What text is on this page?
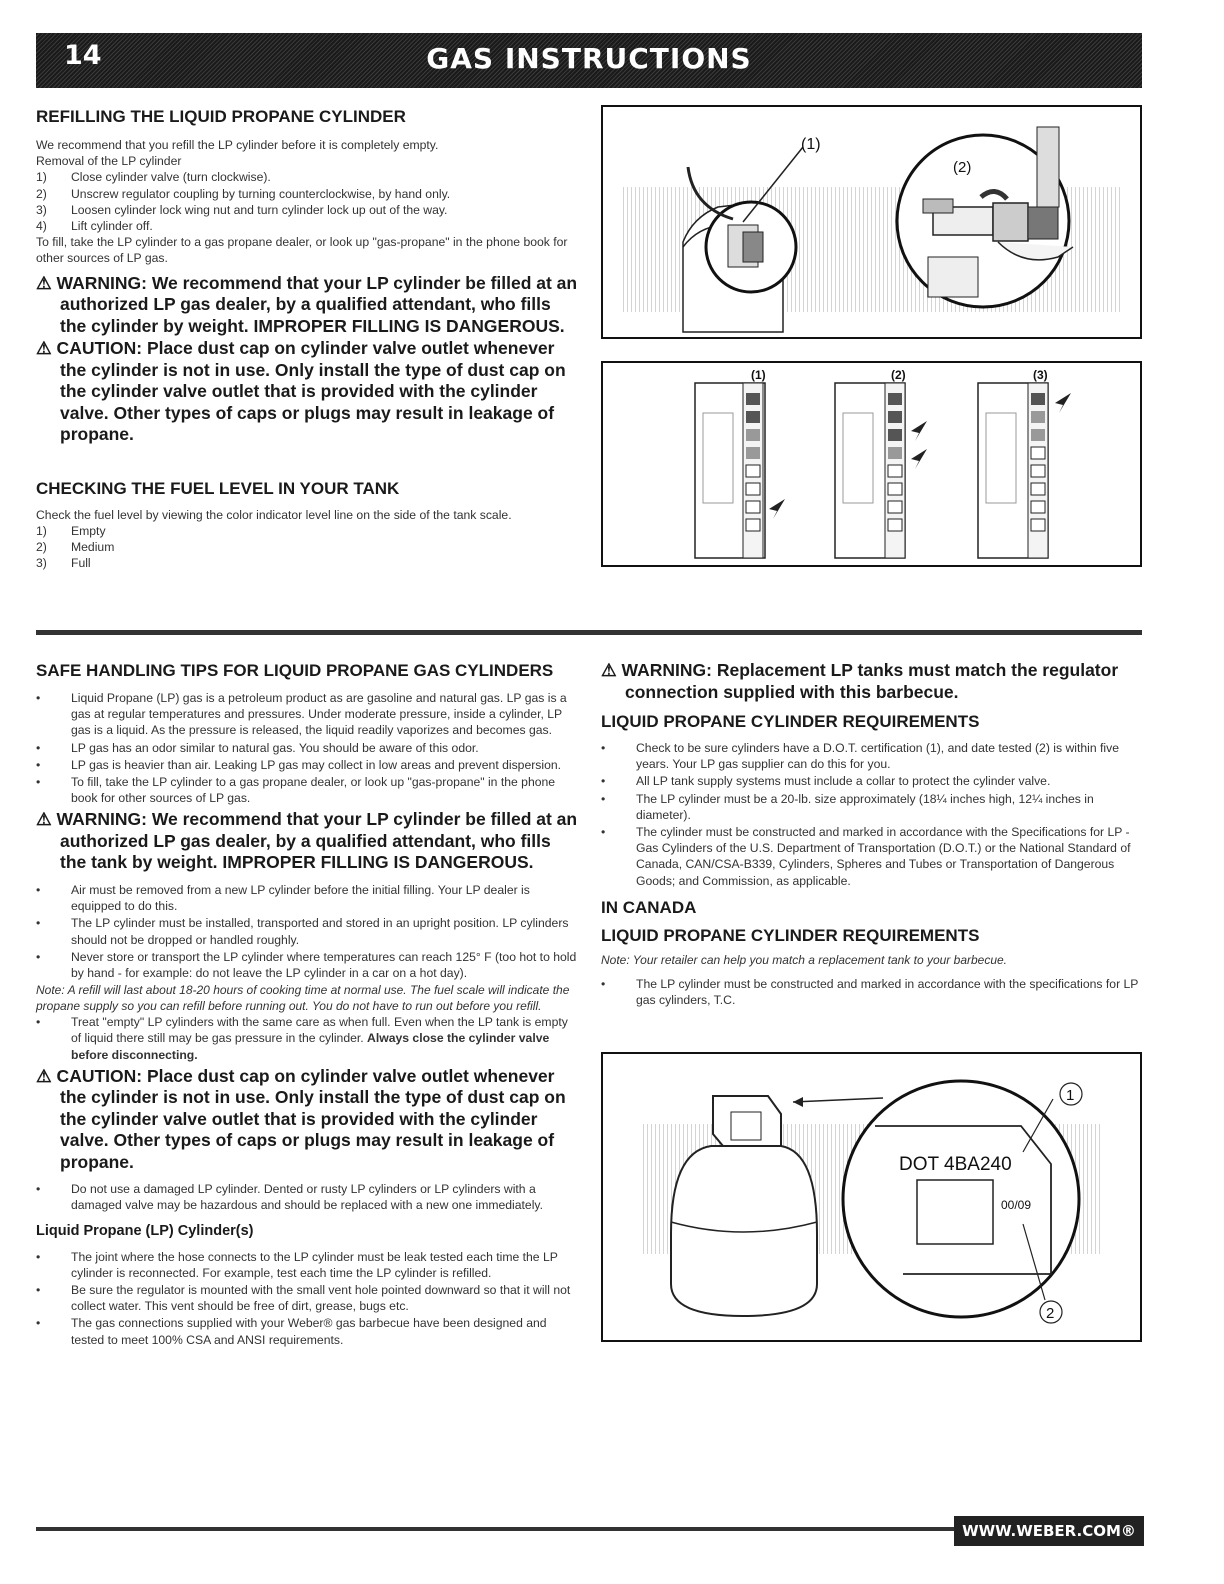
14	GAS INSTRUCTIONS
REFILLING THE LIQUID PROPANE CYLINDER
We recommend that you refill the LP cylinder before it is completely empty.
Removal of the LP cylinder
1)	Close cylinder valve (turn clockwise).
2)	Unscrew regulator coupling by turning counterclockwise, by hand only.
3)	Loosen cylinder lock wing nut and turn cylinder lock up out of the way.
4)	Lift cylinder off.
To fill, take the LP cylinder to a gas propane dealer, or look up "gas-propane" in the phone book for other sources of LP gas.
⚠ WARNING: We recommend that your LP cylinder be filled at an authorized LP gas dealer, by a qualified attendant, who fills the cylinder by weight. IMPROPER FILLING IS DANGEROUS.
⚠ CAUTION: Place dust cap on cylinder valve outlet whenever the cylinder is not in use. Only install the type of dust cap on the cylinder valve outlet that is provided with the cylinder valve. Other types of caps or plugs may result in leakage of propane.
CHECKING THE FUEL LEVEL IN YOUR TANK
Check the fuel level by viewing the color indicator level line on the side of the tank scale.
1)	Empty
2)	Medium
3)	Full
(1)
(2)
(1)	(2)	(3)
SAFE HANDLING TIPS FOR LIQUID PROPANE GAS CYLINDERS
• Liquid Propane (LP) gas is a petroleum product as are gasoline and natural gas. LP gas is a gas at regular temperatures and pressures. Under moderate pressure, inside a cylinder, LP gas is a liquid. As the pressure is released, the liquid readily vaporizes and becomes gas.
• LP gas has an odor similar to natural gas. You should be aware of this odor.
• LP gas is heavier than air. Leaking LP gas may collect in low areas and prevent dispersion.
• To fill, take the LP cylinder to a gas propane dealer, or look up "gas-propane" in the phone book for other sources of LP gas.
⚠ WARNING: We recommend that your LP cylinder be filled at an authorized LP gas dealer, by a qualified attendant, who fills the tank by weight. IMPROPER FILLING IS DANGEROUS.
• Air must be removed from a new LP cylinder before the initial filling. Your LP dealer is equipped to do this.
• The LP cylinder must be installed, transported and stored in an upright position. LP cylinders should not be dropped or handled roughly.
• Never store or transport the LP cylinder where temperatures can reach 125° F (too hot to hold by hand - for example: do not leave the LP cylinder in a car on a hot day).
Note: A refill will last about 18-20 hours of cooking time at normal use. The fuel scale will indicate the propane supply so you can refill before running out. You do not have to run out before you refill.
• Treat "empty" LP cylinders with the same care as when full. Even when the LP tank is empty of liquid there still may be gas pressure in the cylinder. Always close the cylinder valve before disconnecting.
⚠ CAUTION: Place dust cap on cylinder valve outlet whenever the cylinder is not in use. Only install the type of dust cap on the cylinder valve outlet that is provided with the cylinder valve. Other types of caps or plugs may result in leakage of propane.
• Do not use a damaged LP cylinder. Dented or rusty LP cylinders or LP cylinders with a damaged valve may be hazardous and should be replaced with a new one immediately.
Liquid Propane (LP) Cylinder(s)
• The joint where the hose connects to the LP cylinder must be leak tested each time the LP cylinder is reconnected. For example, test each time the LP cylinder is refilled.
• Be sure the regulator is mounted with the small vent hole pointed downward so that it will not collect water. This vent should be free of dirt, grease, bugs etc.
• The gas connections supplied with your Weber® gas barbecue have been designed and tested to meet 100% CSA and ANSI requirements.
⚠ WARNING: Replacement LP tanks must match the regulator connection supplied with this barbecue.
LIQUID PROPANE CYLINDER REQUIREMENTS
• Check to be sure cylinders have a D.O.T. certification (1), and date tested (2) is within five years. Your LP gas supplier can do this for you.
• All LP tank supply systems must include a collar to protect the cylinder valve.
• The LP cylinder must be a 20-lb. size approximately (18¼ inches high, 12¼ inches in diameter).
• The cylinder must be constructed and marked in accordance with the Specifications for LP - Gas Cylinders of the U.S. Department of Transportation (D.O.T.) or the National Standard of Canada, CAN/CSA-B339, Cylinders, Spheres and Tubes or Transportation of Dangerous Goods; and Commission, as applicable.
IN CANADA
LIQUID PROPANE CYLINDER REQUIREMENTS
Note: Your retailer can help you match a replacement tank to your barbecue.
• The LP cylinder must be constructed and marked in accordance with the specifications for LP gas cylinders, T.C.
DOT 4BA240
00/09
1
2
WWW.WEBER.COM®
